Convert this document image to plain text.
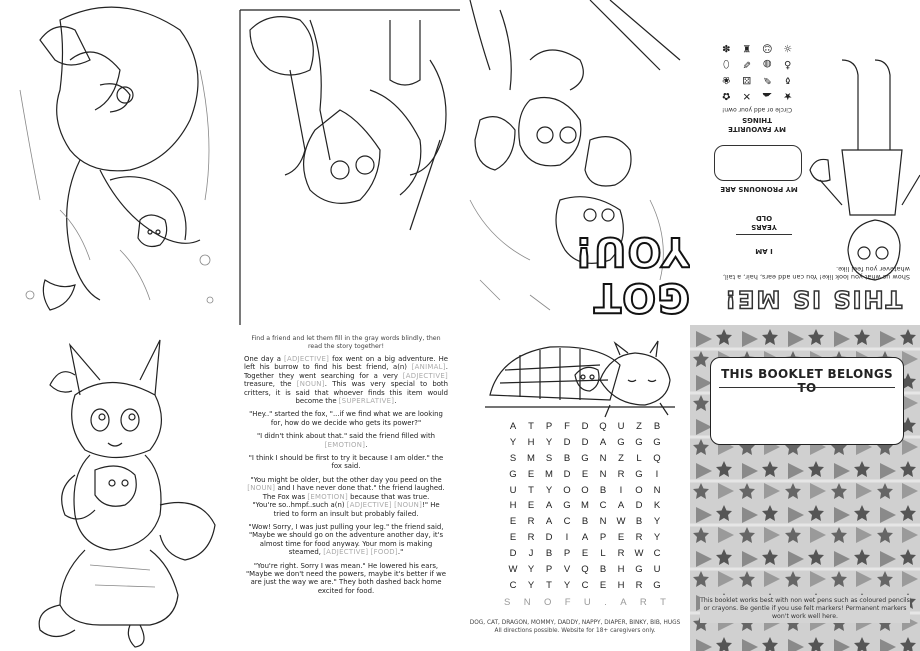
GOT YOU!
THIS IS ME!
Show us what you look like! You can add ears, hair, a tail, whatever you feel like.
I AM
YEARS OLD
MY PRONOUNS ARE
MY FAVOURITE THINGS
Circle or add your own!
★
☁
✕
✿
⚱
✎
⚄
❀
♁
◍
✐
⬯
☼
☺
♜
✽
Find a friend and let them fill in the gray words blindly, then read the story together!

One day a [ADJECTIVE] fox went on a big adventure. He left his burrow to find his best friend, a(n) [ANIMAL]. Together they went searching for a very [ADJECTIVE] treasure, the [NOUN]. This was very special to both critters, it is said that whoever finds this item would become the [SUPERLATIVE].

"Hey.." started the fox, "...if we find what we are looking for, how do we decide who gets its power?"

"I didn't think about that." said the friend filled with [EMOTION].

"I think I should be first to try it because I am older." the fox said.

"You might be older, but the other day you peed on the [NOUN] and I have never done that." the friend laughed.

The Fox was [EMOTION] because that was true.

"You're so..hmpf..such a(n) [ADJECTIVE] [NOUN]!" He tried to form an insult but probably failed.

"Wow! Sorry, I was just pulling your leg." the friend said, "Maybe we should go on the adventure another day, it's almost time for food anyway. Your mom is making steamed, [ADJECTIVE] [FOOD]."

"You're right. Sorry I was mean." He lowered his ears, "Maybe we don't need the powers, maybe it's better if we are just the way we are." They both dashed back home excited for food.

A	T	P	F	D	Q	U	Z	B
Y	H	Y	D	D	A	G	G	G
S	M	S	B	G	N	Z	L	Q
G	E	M	D	E	N	R	G	I
U	T	Y	O	O	B	I	O	N
H	E	A	G	M	C	A	D	K
E	R	A	C	B	N	W	B	Y
E	R	D	I	A	P	E	R	Y
D	J	B	P	E	L	R	W	C
W	Y	P	V	Q	B	H	G	U
C	Y	T	Y	C	E	H	R	G
S N O F U . A R T
DOG, CAT, DRAGON, MOMMY, DADDY, NAPPY, DIAPER, BINKY, BIB, HUGS
All directions possible. Website for 18+ caregivers only.
THIS BOOKLET BELONGS TO
This booklet works best with non wet pens such as coloured pencils or crayons. Be gentle if you use felt markers! Permanent markers won't work well here.
